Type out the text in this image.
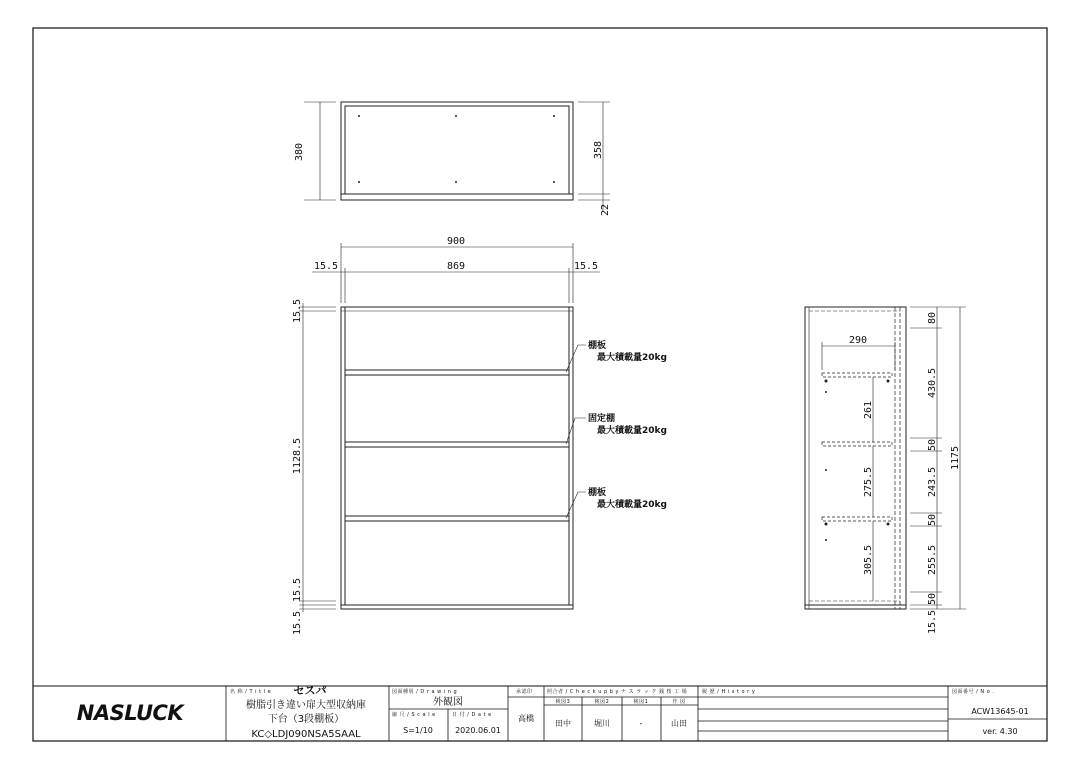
380	358
22
900
15.5	869	15.5
15.5
1128.5
15.5
15.5
棚板
最大積載量20kg
固定棚
最大積載量20kg
棚板
最大積載量20kg
80
290
430.5
261
50
275.5	243.5
1175
50
305.5	255.5
50
15.5
NASLUCK
名 称 / T i t l e セスパ
樹脂引き違い扉大型収納庫
下台（3段棚板）
KC◇LDJ090NSA5SAAL
図面種別 / D r a w i n g
外観図
縮 尺 / S c a l e
S=1/10
日 付 / D a t e
2020.06.01
承認印
高橋
照合者 / C h e c k u p b y ナ ス ラ ッ ク 銭 桜 工 場
検図3	検図2	検図1	作 図
田中	堀川	-	山田
履 歴 / H i s t o r y	図面番号 / N o .
ACW13645-01
ver. 4.30
